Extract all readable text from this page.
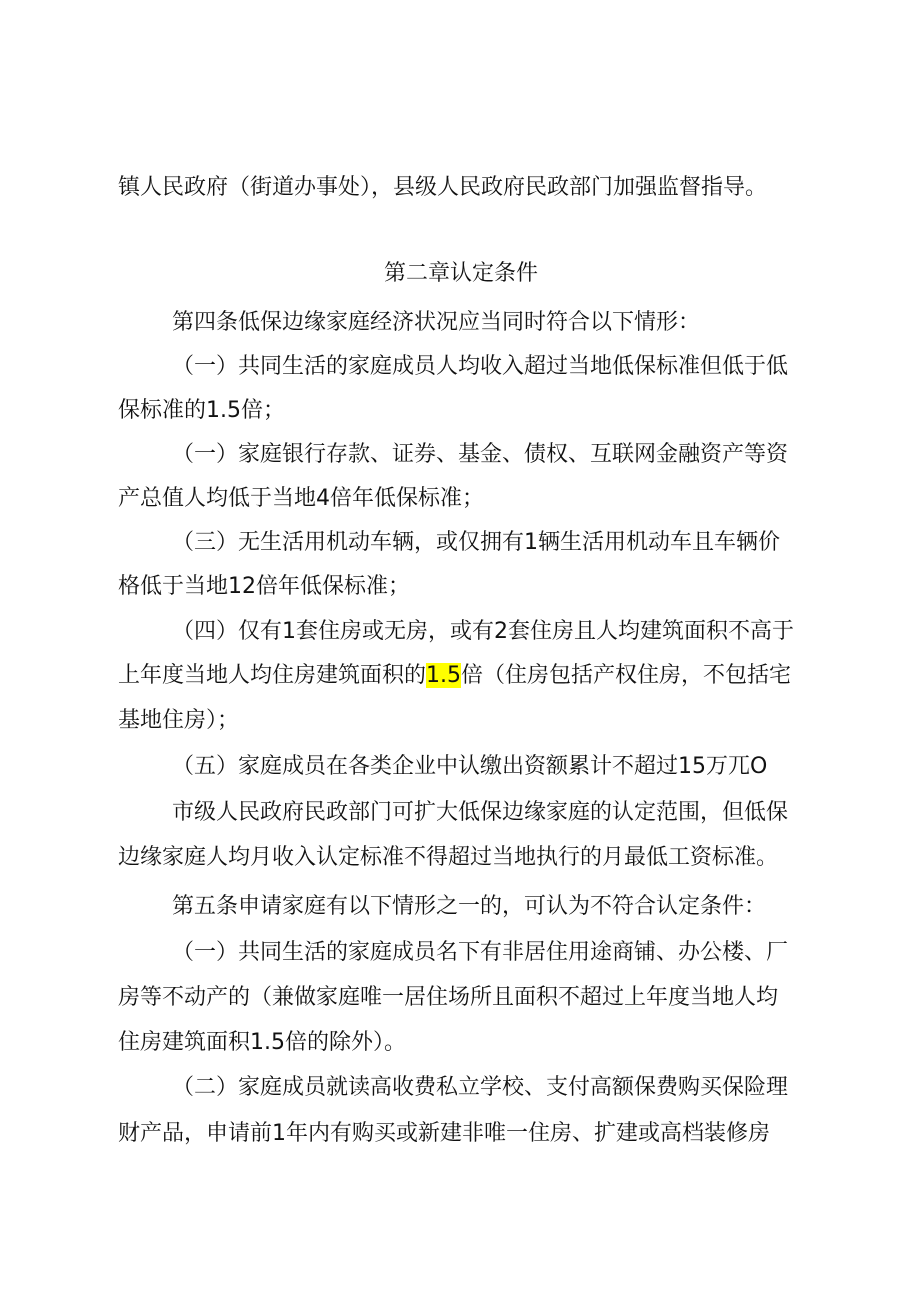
镇人民政府（街道办事处），县级人民政府民政部门加强监督指导。
第二章认定条件
第四条低保边缘家庭经济状况应当同时符合以下情形：
（一）共同生活的家庭成员人均收入超过当地低保标准但低于低
保标准的1.5倍；
（一）家庭银行存款、证券、基金、债权、互联网金融资产等资
产总值人均低于当地4倍年低保标准；
（三）无生活用机动车辆，或仅拥有1辆生活用机动车且车辆价
格低于当地12倍年低保标准；
（四）仅有1套住房或无房，或有2套住房且人均建筑面积不高于
上年度当地人均住房建筑面积的1.5倍（住房包括产权住房，不包括宅
基地住房）；
（五）家庭成员在各类企业中认缴出资额累计不超过15万兀O
市级人民政府民政部门可扩大低保边缘家庭的认定范围，但低保
边缘家庭人均月收入认定标准不得超过当地执行的月最低工资标准。
第五条申请家庭有以下情形之一的，可认为不符合认定条件：
（一）共同生活的家庭成员名下有非居住用途商铺、办公楼、厂
房等不动产的（兼做家庭唯一居住场所且面积不超过上年度当地人均
住房建筑面积1.5倍的除外）。
（二）家庭成员就读高收费私立学校、支付高额保费购买保险理
财产品，申请前1年内有购买或新建非唯一住房、扩建或高档装修房
